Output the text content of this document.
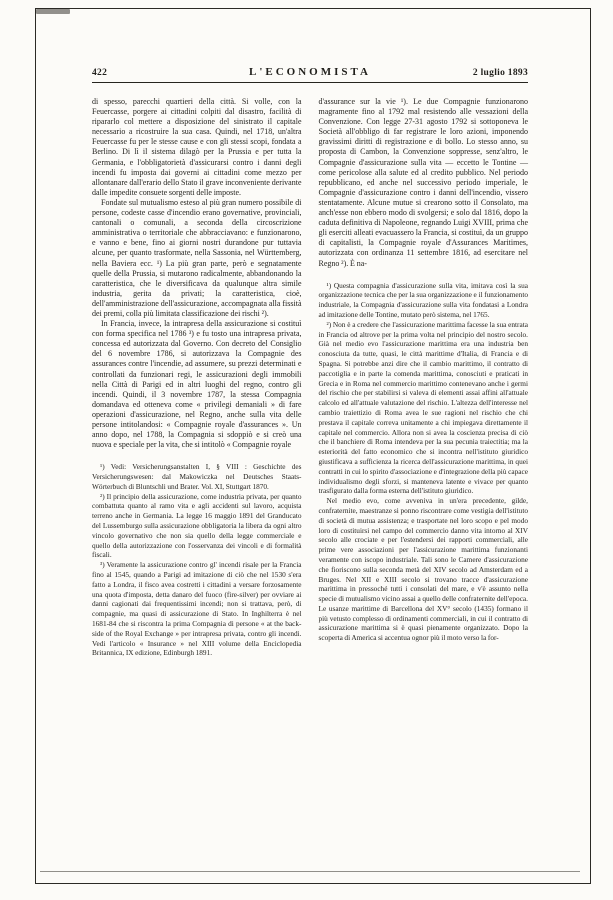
422	L'ECONOMISTA	2 luglio 1893

di spesso, parecchi quartieri della città. Si volle, con la Feuercasse, porgere ai cittadini colpiti dal disastro, facilità di ripararlo col mettere a disposizione del sinistrato il capitale necessario a ricostruire la sua casa. Quindi, nel 1718, un'altra Feuercasse fu per le stesse cause e con gli stessi scopi, fondata a Berlino. Di lì il sistema dilagò per la Prussia e per tutta la Germania, e l'obbligatorietà d'assicurarsi contro i danni degli incendi fu imposta dai governi ai cittadini come mezzo per allontanare dall'erario dello Stato il grave inconveniente derivante dalle impedite consuete sorgenti delle imposte.

Fondate sul mutualismo esteso al più gran numero possibile di persone, codeste casse d'incendio erano governative, provinciali, cantonali o comunali, a seconda della circoscrizione amministrativa o territoriale che abbracciavano: e funzionarono, e vanno e bene, fino ai giorni nostri durandone pur tuttavia alcune, per quanto trasformate, nella Sassonia, nel Württemberg, nella Baviera ecc. ¹) La più gran parte, però e segnatamente quelle della Prussia, si mutarono radicalmente, abbandonando la caratteristica, che le diversificava da qualunque altra simile industria, gerita da privati; la caratteristica, cioè, dell'amministrazione dell'assicurazione, accompagnata alla fissità dei premi, colla più limitata classificazione dei rischi ²).

In Francia, invece, la intrapresa della assicurazione si costituì con forma specifica nel 1786 ³) e fu tosto una intrapresa privata, concessa ed autorizzata dal Governo. Con decreto del Consiglio del 6 novembre 1786, si autorizzava la Compagnie des assurances contre l'incendie, ad assumere, su prezzi determinati e controllati da funzionari regi, le assicurazioni degli immobili nella Città di Parigi ed in altri luoghi del regno, contro gli incendi. Quindi, il 3 novembre 1787, la stessa Compagnia domandava ed otteneva come « privilegi demaniali » di fare operazioni d'assicurazione, nel Regno, anche sulla vita delle persone intitolandosi: « Compagnie royale d'assurances ». Un anno dopo, nel 1788, la Compagnia si sdoppiò e si creò una nuova e speciale per la vita, che si intitolò « Compagnie royale

¹) Vedi: Versicherungsanstalten I, § VIII : Geschichte des Versicherungswesen: dal Makowiczka nel Deutsches Staats-Wörterbuch di Bluntschli und Brater. Vol. XI, Stuttgart 1870.

²) Il principio della assicurazione, come industria privata, per quanto combattuta quanto al ramo vita e agli accidenti sul lavoro, acquista terreno anche in Germania. La legge 16 maggio 1891 del Granducato del Lussemburgo sulla assicurazione obbligatoria la libera da ogni altro vincolo governativo che non sia quello della legge commerciale e quello della autorizzazione con l'osservanza dei vincoli e di formalità fiscali.

³) Veramente la assicurazione contro gl' incendi risale per la Francia fino al 1545, quando a Parigi ad imitazione di ciò che nel 1530 s'era fatto a Londra, il fisco avea costretti i cittadini a versare forzosamente una quota d'imposta, detta danaro del fuoco (fire-silver) per ovviare ai danni cagionati dai frequentissimi incendi; non si trattava, però, di compagnie, ma quasi di assicurazione di Stato. In Inghilterra è nel 1681-84 che si riscontra la prima Compagnia di persone « at the back-side of the Royal Exchange » per intrapresa privata, contro gli incendi. Vedi l'articolo « Insurance » nel XIII volume della Enciclopedia Britannica, IX edizione, Edinburgh 1891.

d'assurance sur la vie ¹). Le due Compagnie funzionarono magramente fino al 1792 mal resistendo alle vessazioni della Convenzione. Con legge 27-31 agosto 1792 si sottoponeva le Società all'obbligo di far registrare le loro azioni, imponendo gravissimi diritti di registrazione e di bollo. Lo stesso anno, su proposta di Cambon, la Convenzione soppresse, senz'altro, le Compagnie d'assicurazione sulla vita — eccetto le Tontine — come pericolose alla salute ed al credito pubblico. Nel periodo repubblicano, ed anche nel successivo periodo imperiale, le Compagnie d'assicurazione contro i danni dell'incendio, vissero stentatamente. Alcune mutue si crearono sotto il Consolato, ma anch'esse non ebbero modo di svolgersi; e solo dal 1816, dopo la caduta definitiva di Napoleone, regnando Luigi XVIII, prima che gli eserciti alleati evacuassero la Francia, si costituì, da un gruppo di capitalisti, la Compagnie royale d'Assurances Maritimes, autorizzata con ordinanza 11 settembre 1816, ad esercitare nel Regno ²). È na-

¹) Questa compagnia d'assicurazione sulla vita, imitava così la sua organizzazione tecnica che per la sua organizzazione e il funzionamento industriale, la Compagnia d'assicurazione sulla vita fondatasi a Londra ad imitazione delle Tontine, mutato però sistema, nel 1765.

²) Non è a credere che l'assicurazione marittima facesse la sua entrata in Francia od altrove per la prima volta nel principio del nostro secolo. Già nel medio evo l'assicurazione marittima era una industria ben conosciuta da tutte, quasi, le città marittime d'Italia, di Francia e di Spagna. Si potrebbe anzi dire che il cambio marittimo, il contratto di paccotiglia e in parte la comenda marittima, conosciuti e praticati in Grecia e in Roma nel commercio marittimo contenevano anche i germi del rischio che per stabilirsi si valeva di elementi assai affini all'attuale calcolo ed all'attuale valutazione del rischio. L'altezza dell'interesse nel cambio traiettizio di Roma avea le sue ragioni nel rischio che chi prestava il capitale correva unitamente a chi impiegava direttamente il capitale nel commercio. Allora non si avea la coscienza precisa di ciò che il banchiere di Roma intendeva per la sua pecunia traiectitia; ma la esteriorità del fatto economico che si incontra nell'istituto giuridico giustificava a sufficienza la ricerca dell'assicurazione marittima, in quei contratti in cui lo spirito d'associazione e d'integrazione della più capace individualismo degli sforzi, si manteneva latente e vivace per quanto trasfigurato dalla forma esterna dell'istituto giuridico.

Nel medio evo, come avveniva in un'era precedente, gilde, confraternite, maestranze si ponno riscontrare come vestigia dell'istituto di società di mutua assistenza; e trasportate nel loro scopo e pel modo loro di costituirsi nel campo del commercio danno vita intorno al XIV secolo alle crociate e per l'estendersi dei rapporti commerciali, alle prime vere associazioni per l'assicurazione marittima funzionanti veramente con iscopo industriale. Tali sono le Camere d'assicurazione che fioriscono sulla seconda metà del XIV secolo ad Amsterdam ed a Bruges. Nel XII e XIII secolo si trovano tracce d'assicurazione marittima in pressoché tutti i consolati del mare, e v'è assunto nella specie di mutualismo vicino assai a quello delle confraternite dell'epoca. Le usanze marittime di Barcellona del XV° secolo (1435) formano il più vetusto complesso di ordinamenti commerciali, in cui il contratto di assicurazione marittima si è quasi pienamente organizzato. Dopo la scoperta di America si accentua ognor più il moto verso la for-
